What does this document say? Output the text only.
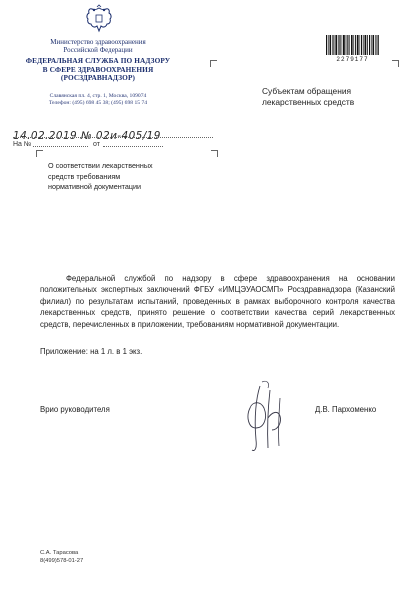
Министерство здравоохранения
Российской Федерации
ФЕДЕРАЛЬНАЯ СЛУЖБА ПО НАДЗОРУ
В СФЕРЕ ЗДРАВООХРАНЕНИЯ
(РОСЗДРАВНАДЗОР)
Славянская пл. 4, стр. 1, Москва, 109074
Телефон: (495) 698 45 38; (495) 698 15 74
14.02.2019 № 02и-405/19
На №	от
2279177
Субъектам обращения
лекарственных средств
О соответствии лекарственных
средств требованиям
нормативной документации

Федеральной службой по надзору в сфере здравоохранения на основании положительных экспертных заключений ФГБУ «ИМЦЭУАОСМП» Росздравнадзора (Казанский филиал) по результатам испытаний, проведенных в рамках выборочного контроля качества лекарственных средств, принято решение о соответствии качества серий лекарственных средств, перечисленных в приложении, требованиям нормативной документации.

Приложение: на 1 л. в 1 экз.
Врио руководителя	Д.В. Пархоменко
С.А. Тарасова
8(499)578-01-27
